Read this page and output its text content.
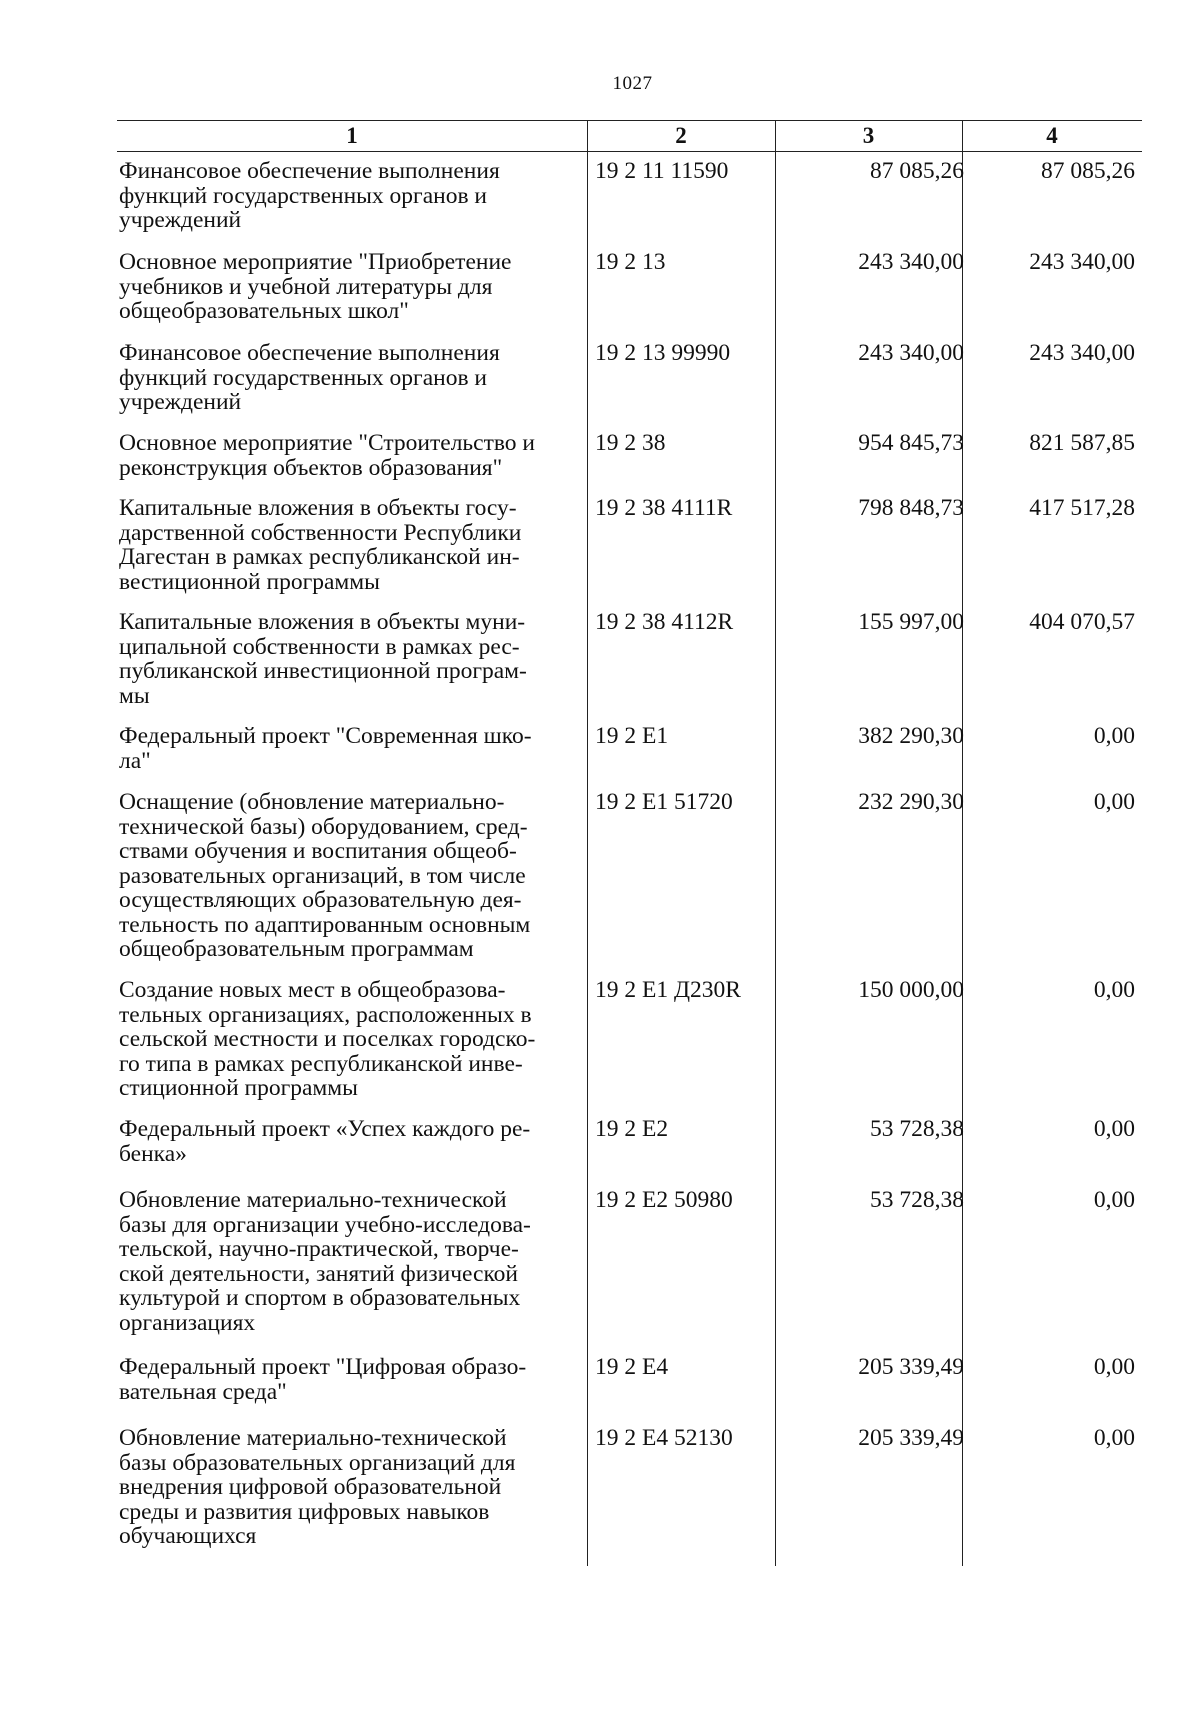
1027
1	2	3	4
Финансовое обеспечение выполнения
функций государственных органов и
учреждений
19 2 11 11590	87 085,26	87 085,26
Основное мероприятие "Приобретение
учебников и учебной литературы для
общеобразовательных школ"
19 2 13	243 340,00	243 340,00
Финансовое обеспечение выполнения
функций государственных органов и
учреждений
19 2 13 99990	243 340,00	243 340,00
Основное мероприятие "Строительство и
реконструкция объектов образования"
19 2 38	954 845,73	821 587,85
Капитальные вложения в объекты госу-
дарственной собственности Республики
Дагестан в рамках республиканской ин-
вестиционной программы
19 2 38 4111R	798 848,73	417 517,28
Капитальные вложения в объекты муни-
ципальной собственности в рамках рес-
публиканской инвестиционной програм-
мы
19 2 38 4112R	155 997,00	404 070,57
Федеральный проект "Современная шко-
ла"
19 2 E1	382 290,30	0,00
Оснащение (обновление материально-
технической базы) оборудованием, сред-
ствами обучения и воспитания общеоб-
разовательных организаций, в том числе
осуществляющих образовательную дея-
тельность по адаптированным основным
общеобразовательным программам
19 2 E1 51720	232 290,30	0,00
Создание новых мест в общеобразова-
тельных организациях, расположенных в
сельской местности и поселках городско-
го типа в рамках республиканской инве-
стиционной программы
19 2 E1 Д230R	150 000,00	0,00
Федеральный проект «Успех каждого ре-
бенка»
19 2 E2	53 728,38	0,00
Обновление материально-технической
базы для организации учебно-исследова-
тельской, научно-практической, творче-
ской деятельности, занятий физической
культурой и спортом в образовательных
организациях
19 2 E2 50980	53 728,38	0,00
Федеральный проект "Цифровая образо-
вательная среда"
19 2 E4	205 339,49	0,00
Обновление материально-технической
базы образовательных организаций для
внедрения цифровой образовательной
среды и развития цифровых навыков
обучающихся
19 2 E4 52130	205 339,49	0,00
